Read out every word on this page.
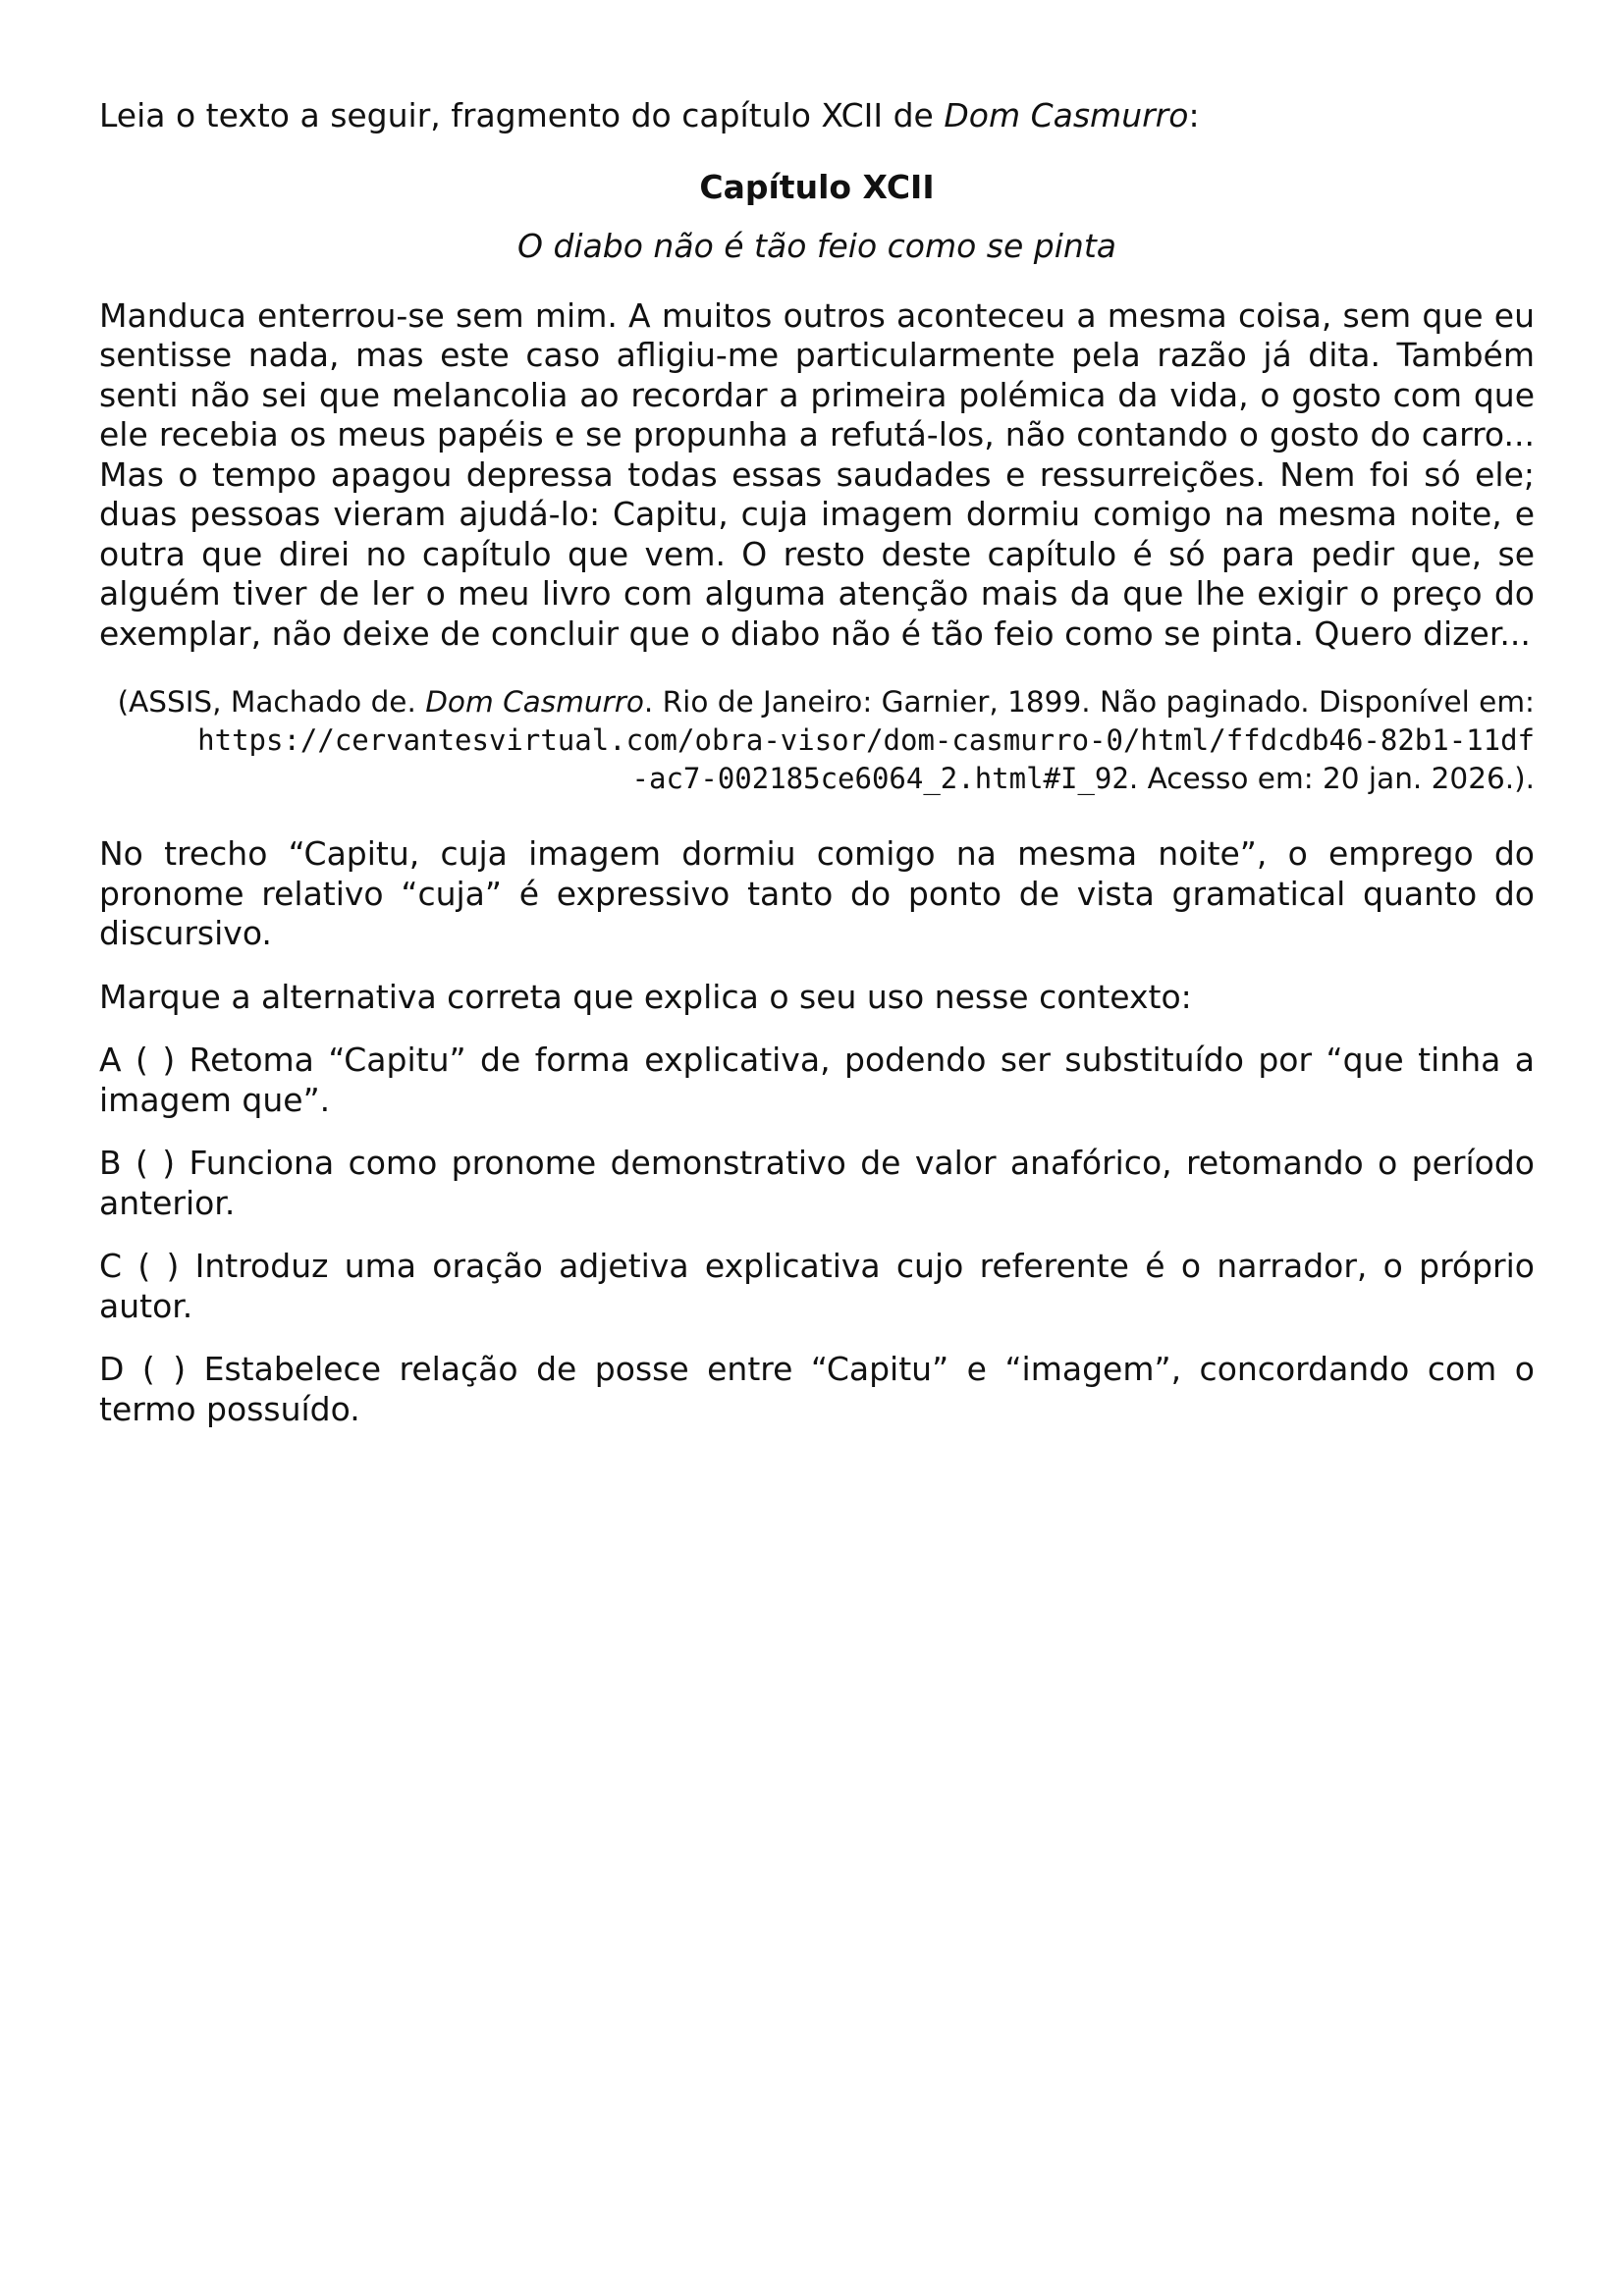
Leia o texto a seguir, fragmento do capítulo XCII de Dom Casmurro:

Capítulo XCII

O diabo não é tão feio como se pinta

Manduca enterrou-se sem mim. A muitos outros aconteceu a mesma coisa, sem que eu sentisse nada, mas este caso afligiu-me particularmente pela razão já dita. Também senti não sei que melancolia ao recordar a primeira polémica da vida, o gosto com que ele recebia os meus papéis e se propunha a refutá-los, não contando o gosto do carro... Mas o tempo apagou depressa todas essas saudades e ressurreições. Nem foi só ele; duas pessoas vieram ajudá-lo: Capitu, cuja imagem dormiu comigo na mesma noite, e outra que direi no capítulo que vem. O resto deste capítulo é só para pedir que, se alguém tiver de ler o meu livro com alguma atenção mais da que lhe exigir o preço do exemplar, não deixe de concluir que o diabo não é tão feio como se pinta. Quero dizer...

(ASSIS, Machado de. Dom Casmurro. Rio de Janeiro: Garnier, 1899. Não paginado. Disponível em:
https://cervantesvirtual.com/obra-visor/dom-casmurro-0/html/ffdcdb46-82b1-11df
-ac7-002185ce6064_2.html#I_92. Acesso em: 20 jan. 2026.).

No trecho “Capitu, cuja imagem dormiu comigo na mesma noite”, o emprego do pronome relativo “cuja” é expressivo tanto do ponto de vista gramatical quanto do discursivo.

Marque a alternativa correta que explica o seu uso nesse contexto:

A ( ) Retoma “Capitu” de forma explicativa, podendo ser substituído por “que tinha a imagem que”.

B ( ) Funciona como pronome demonstrativo de valor anafórico, retomando o período anterior.

C ( ) Introduz uma oração adjetiva explicativa cujo referente é o narrador, o próprio autor.

D ( ) Estabelece relação de posse entre “Capitu” e “imagem”, concordando com o termo possuído.
